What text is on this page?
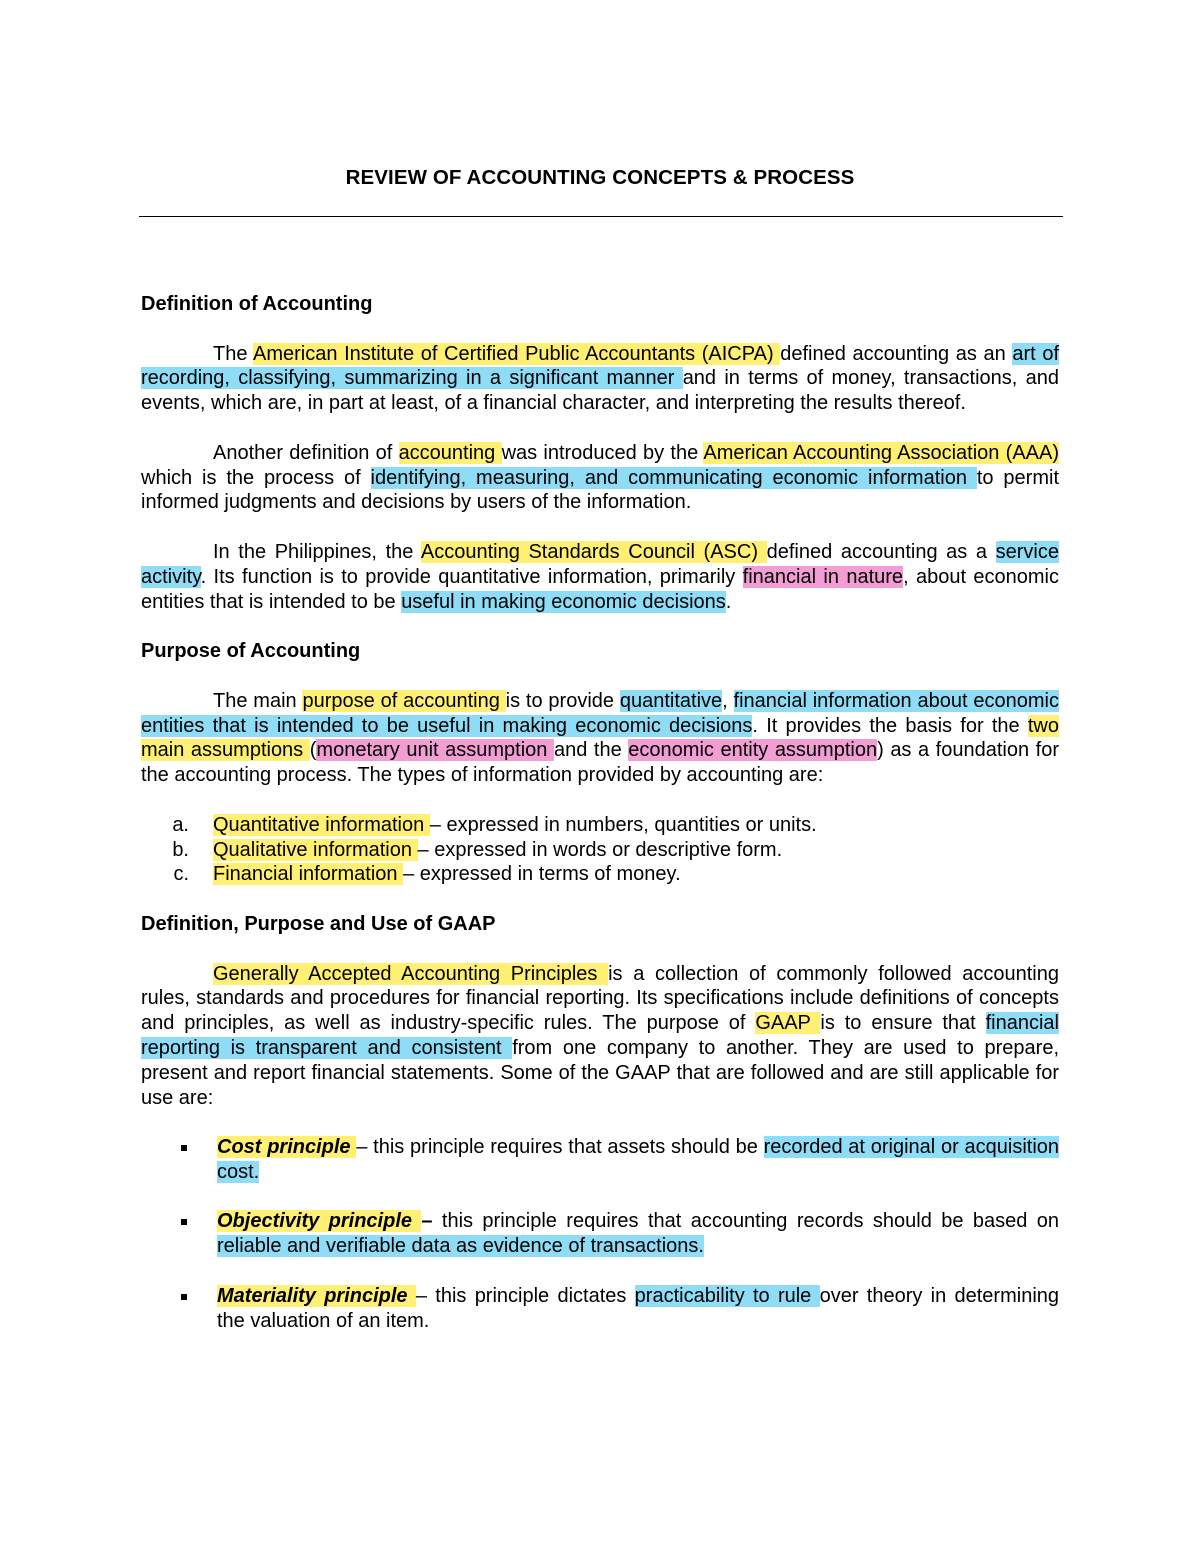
REVIEW OF ACCOUNTING CONCEPTS & PROCESS
Definition of Accounting

The American Institute of Certified Public Accountants (AICPA) defined accounting as an art of recording, classifying, summarizing in a significant manner and in terms of money, transactions, and events, which are, in part at least, of a financial character, and interpreting the results thereof.

Another definition of accounting was introduced by the American Accounting Association (AAA) which is the process of identifying, measuring, and communicating economic information to permit informed judgments and decisions by users of the information.

In the Philippines, the Accounting Standards Council (ASC) defined accounting as a service activity. Its function is to provide quantitative information, primarily financial in nature, about economic entities that is intended to be useful in making economic decisions.

Purpose of Accounting

The main purpose of accounting is to provide quantitative, financial information about economic entities that is intended to be useful in making economic decisions. It provides the basis for the two main assumptions (monetary unit assumption and the economic entity assumption) as a foundation for the accounting process. The types of information provided by accounting are:

a.	Quantitative information – expressed in numbers, quantities or units.
b.	Qualitative information – expressed in words or descriptive form.
c.	Financial information – expressed in terms of money.
Definition, Purpose and Use of GAAP

Generally Accepted Accounting Principles is a collection of commonly followed accounting rules, standards and procedures for financial reporting. Its specifications include definitions of concepts and principles, as well as industry-specific rules. The purpose of GAAP is to ensure that financial reporting is transparent and consistent from one company to another. They are used to prepare, present and report financial statements. Some of the GAAP that are followed and are still applicable for use are:

Cost principle – this principle requires that assets should be recorded at original or acquisition cost.
Objectivity principle – this principle requires that accounting records should be based on reliable and verifiable data as evidence of transactions.
Materiality principle – this principle dictates practicability to rule over theory in determining the valuation of an item.
